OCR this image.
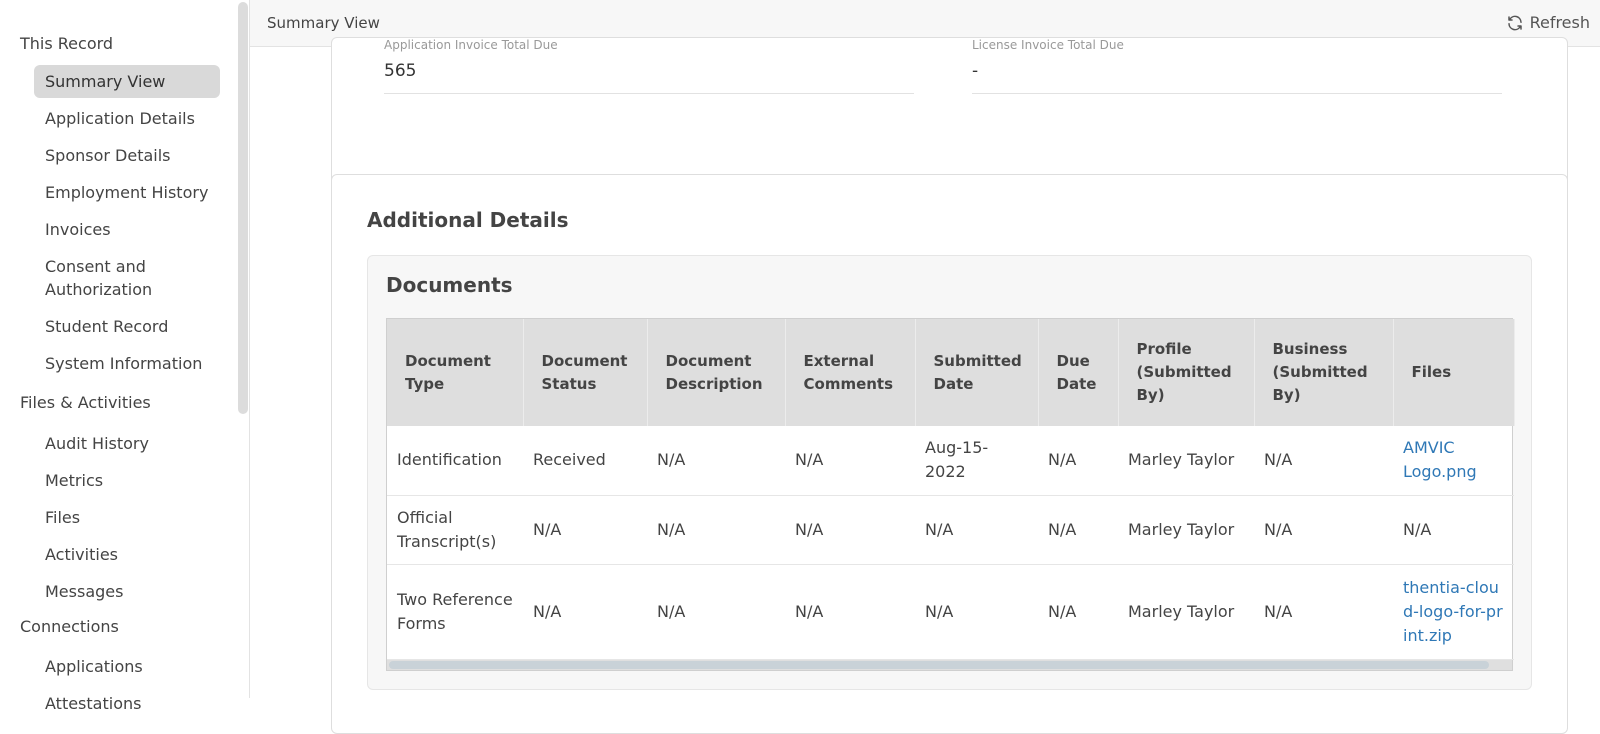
This Record
Summary View
Application Details
Sponsor Details
Employment History
Invoices
Consent and Authorization
Student Record
System Information
Files & Activities
Audit History
Metrics
Files
Activities
Messages
Connections
Applications
Attestations
Summary View	Refresh
Application Invoice Total Due
565
License Invoice Total Due
-
Additional Details
Documents
Document Type	Document Status	Document Description	External Comments	Submitted Date	Due Date	Profile (Submitted By)	Business (Submitted By)	Files
Identification	Received	N/A	N/A	Aug-15-2022	N/A	Marley Taylor	N/A	AMVIC Logo.png
Official Transcript(s)	N/A	N/A	N/A	N/A	N/A	Marley Taylor	N/A	N/A
Two Reference Forms	N/A	N/A	N/A	N/A	N/A	Marley Taylor	N/A	thentia-cloud-logo-for-print.zip
